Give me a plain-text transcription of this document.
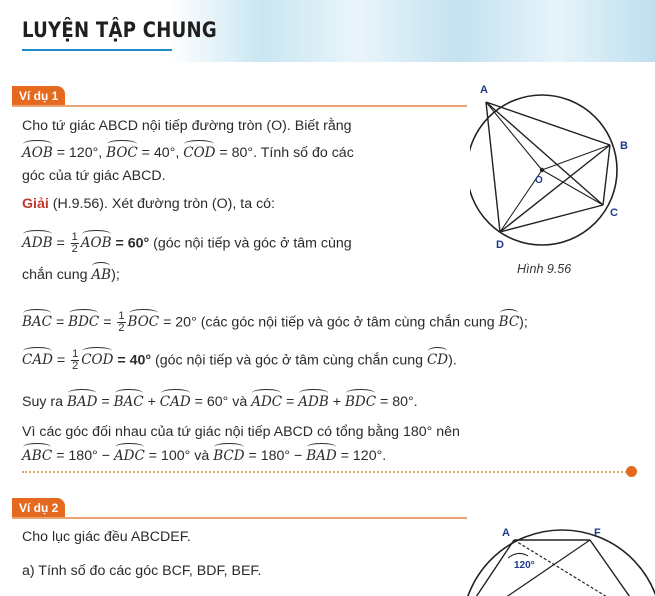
LUYỆN TẬP CHUNG
Ví dụ 1
Cho tứ giác ABCD nội tiếp đường tròn (O). Biết rằng
AOB = 120°, BOC = 40°, COD = 80°. Tính số đo các
góc của tứ giác ABCD.
Giải (H.9.56). Xét đường tròn (O), ta có:
ADB = $\frac{1}{2}$ AOB = 60° (góc nội tiếp và góc ở tâm cùng
chắn cung AB);
BAC = BDC = $\frac{1}{2}$ BOC = 20° (các góc nội tiếp và góc ở tâm cùng chắn cung BC);
CAD = $\frac{1}{2}$ COD = 40° (góc nội tiếp và góc ở tâm cùng chắn cung CD).
Suy ra BAD = BAC + CAD = 60° và ADC = ADB + BDC = 80°.
Vì các góc đối nhau của tứ giác nội tiếp ABCD có tổng bằng 180° nên
ABC = 180° − ADC = 100° và BCD = 180° − BAD = 120°.
A
B
C
D
O
Hình 9.56
Ví dụ 2
Cho lục giác đều ABCDEF.
a) Tính số đo các góc BCF, BDF, BEF.
A	F
120°
